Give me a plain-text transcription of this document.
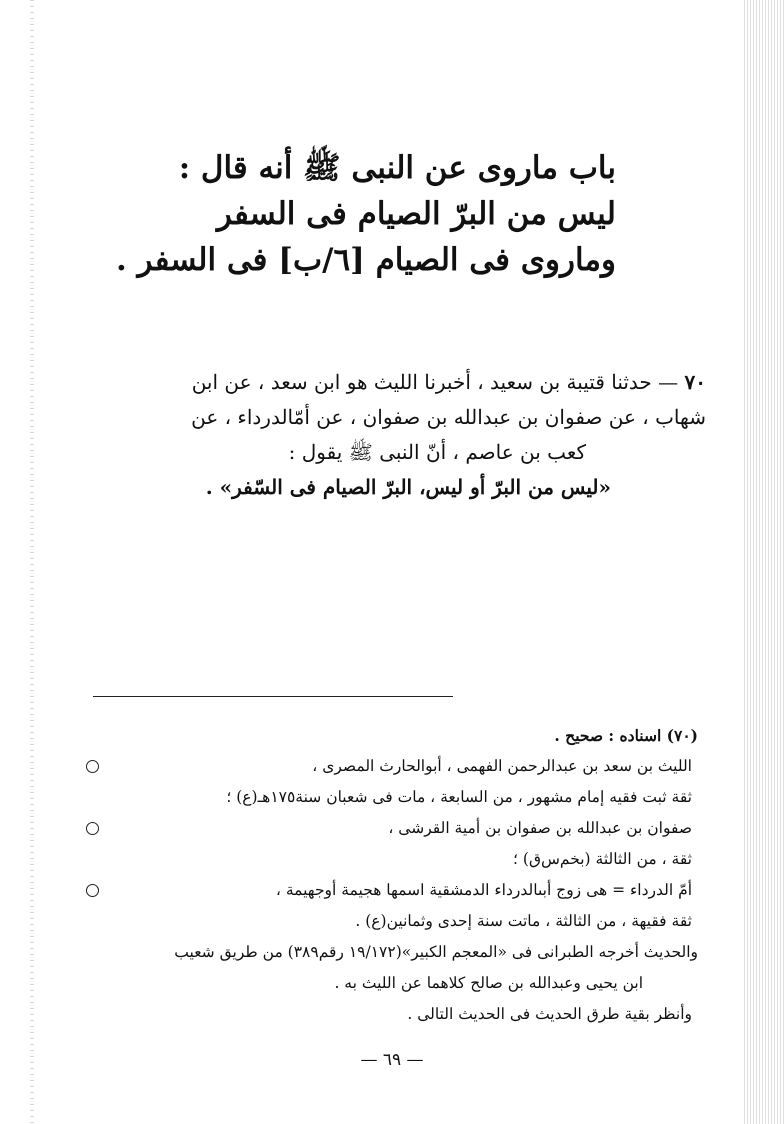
باب ماروى عن النبى ﷺ أنه قال :
ليس من البرّ الصيام فى السفر
وماروى فى الصيام [٦/ب] فى السفر .
٧٠ — حدثنا قتيبة بن سعيد ، أخبرنا الليث هو ابن سعد ، عن ابن
شهاب ، عن صفوان بن عبدالله بن صفوان ، عن أمّالدرداء ، عن
كعب بن عاصم ، أنّ النبى ﷺ يقول :
«ليس من البرّ أو ليس، البرّ الصيام فى السّفر» .
(٧٠) اسناده : صحيح .
الليث بن سعد بن عبدالرحمن الفهمى ، أبوالحارث المصرى ،
ثقة ثبت فقيه إمام مشهور ، من السابعة ، مات فى شعبان سنة١٧٥هـ(ع) ؛
صفوان بن عبدالله بن صفوان بن أمية القرشى ،
ثقة ، من الثالثة (بخم‌س‌ق) ؛
أمّ الدرداء = هى زوج أبىالدرداء الدمشقية اسمها هجيمة أوجهيمة ،
ثقة فقيهة ، من الثالثة ، ماتت سنة إحدى وثمانين(ع) .
والحديث أخرجه الطبرانى فى «المعجم الكبير»(١٩/١٧٢ رقم٣٨٩) من طريق شعيب
ابن يحيى وعبدالله بن صالح كلاهما عن الليث به .
وأنظر بقية طرق الحديث فى الحديث التالى .
— ٦٩ —
